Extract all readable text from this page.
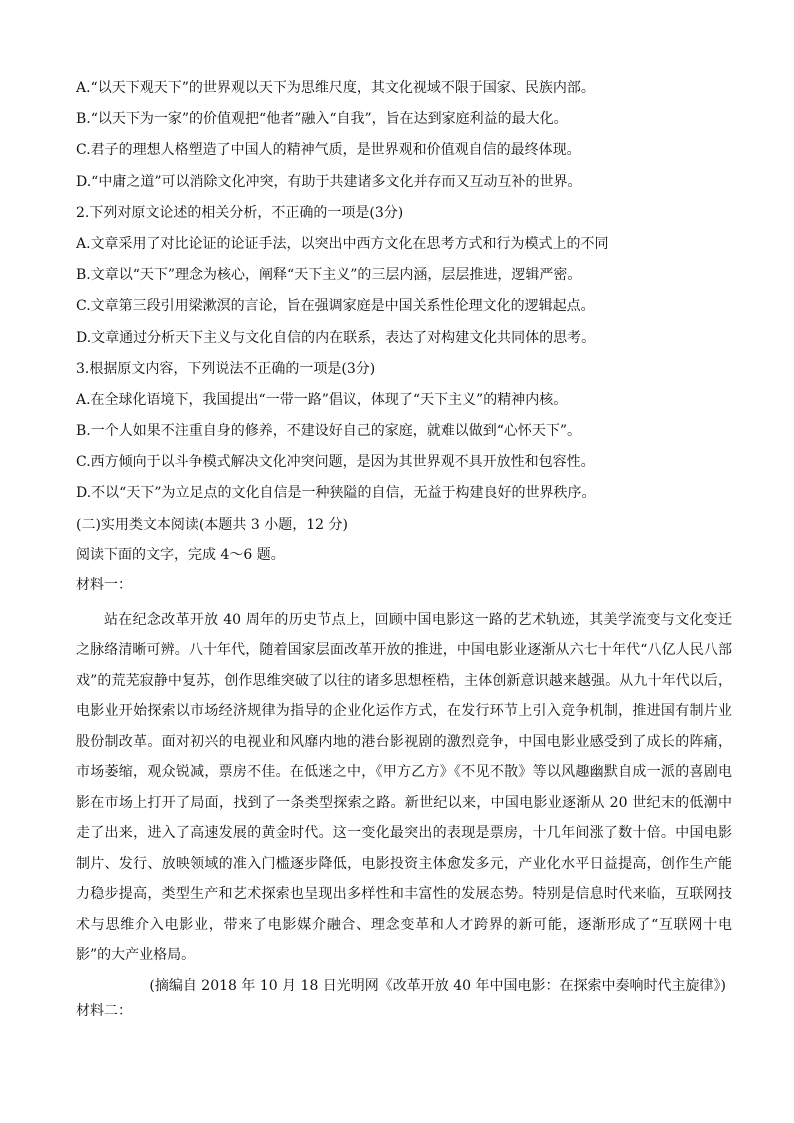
A.“以天下观天下”的世界观以天下为思维尺度，其文化视域不限于国家、民族内部。
B.“以天下为一家”的价值观把“他者”融入“自我”，旨在达到家庭利益的最大化。
C.君子的理想人格塑造了中国人的精神气质，是世界观和价值观自信的最终体现。
D.“中庸之道”可以消除文化冲突，有助于共建诸多文化并存而又互动互补的世界。
2.下列对原文论述的相关分析，不正确的一项是(3分)
A.文章采用了对比论证的论证手法，以突出中西方文化在思考方式和行为模式上的不同
B.文章以“天下”理念为核心，阐释“天下主义”的三层内涵，层层推进，逻辑严密。
C.文章第三段引用梁漱溟的言论，旨在强调家庭是中国关系性伦理文化的逻辑起点。
D.文章通过分析天下主义与文化自信的内在联系，表达了对构建文化共同体的思考。
3.根据原文内容，下列说法不正确的一项是(3分)
A.在全球化语境下，我国提出“一带一路”倡议，体现了“天下主义”的精神内核。
B.一个人如果不注重自身的修养，不建设好自己的家庭，就难以做到“心怀天下”。
C.西方倾向于以斗争模式解决文化冲突问题，是因为其世界观不具开放性和包容性。
D.不以“天下”为立足点的文化自信是一种狭隘的自信，无益于构建良好的世界秩序。
(二)实用类文本阅读(本题共 3 小题，12 分)
阅读下面的文字，完成 4～6 题。
材料一：

站在纪念改革开放 40 周年的历史节点上，回顾中国电影这一路的艺术轨迹，其美学流变与文化变迁之脉络清晰可辨。八十年代，随着国家层面改革开放的推进，中国电影业逐渐从六七十年代“八亿人民八部戏”的荒芜寂静中复苏，创作思维突破了以往的诸多思想桎梏，主体创新意识越来越强。从九十年代以后，电影业开始探索以市场经济规律为指导的企业化运作方式，在发行环节上引入竞争机制，推进国有制片业股份制改革。面对初兴的电视业和风靡内地的港台影视剧的激烈竞争，中国电影业感受到了成长的阵痛，市场萎缩，观众锐减，票房不佳。在低迷之中，《甲方乙方》《不见不散》等以风趣幽默自成一派的喜剧电影在市场上打开了局面，找到了一条类型探索之路。新世纪以来，中国电影业逐渐从 20 世纪末的低潮中走了出来，进入了高速发展的黄金时代。这一变化最突出的表现是票房，十几年间涨了数十倍。中国电影制片、发行、放映领域的准入门槛逐步降低，电影投资主体愈发多元，产业化水平日益提高，创作生产能力稳步提高，类型生产和艺术探索也呈现出多样性和丰富性的发展态势。特别是信息时代来临，互联网技术与思维介入电影业，带来了电影媒介融合、理念变革和人才跨界的新可能，逐渐形成了“互联网十电影”的大产业格局。

(摘编自 2018 年 10 月 18 日光明网《改革开放 40 年中国电影：在探索中奏响时代主旋律》)

材料二：
